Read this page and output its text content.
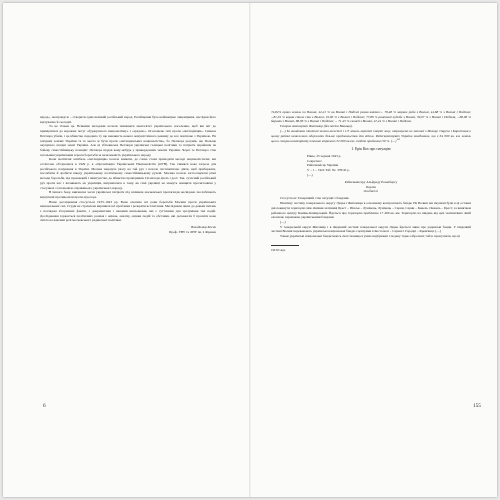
народ», насправді ж – створити один великий російський народ. Російщення було неймовірно лицемірним, наслідки його відчуваємо й сьогодні.

Та не тільки це. Всякими методами почали змінювати менталітет українського населення, щоб він міг до приміритися до ворожих потуг «буржуазного націоналізму» і «зрадою». Оголошено світ проти «петлюрівців». Симеон Петлюра убили, і це вбивство породило ту ще ненависть нового комуністичного режиму до все пов'язане з Україною. На західних землях України та то могло ж бути проти «петлюрівських націоналістів», бо Петлюра розумів, що Польща окупувала західні землі України. Але ці збіговиська Петлюри українські галицькі політики та патріоти перейшли на бойову самостійницьку позицію: Петлюра віддав кому-небудь у прикордонних землях України. Через те Петлюра став загальним українським героєм боротьби за незалежність українського народу.

Коли політичні загибель «петлюрівців» почала зникати, до слова стали приходити молоді націоналістичні, які остаточно об'єдналися в 1929 р. в «Організацію Українських Націоналістів (ОУН). Так з'явився нова загроза для російського панування в Україні. Москва звернула увагу на той рух і почала систематично діяти, щоб приборкати, послабити й зробити шкоду українському політичному самостійницькому рухові. Москва почала застосовувати різні методи боротьби, від провокацій і шпигунства, до вбивства провідників. Ці методи діють і досі. Так, сучасний російський рух проти нас і впливають на українців, витриматися в тому, як самі українці не можуть знищити протистояння у стосунках з гегемонією справжнього українського народу.

В іншого боку, вивчаючи чесні українські патріоти під впливом московської пропаганди несвідомо послаблюють внутрішні противосили проти агресора.

Наше дослідження стосується 1933–1943 рр. Воно охопило всі роки боротьби Москви проти українських національних сил. Студія не стремлена вирішити всі проблеми і розкрити всі питання. Ми підняли лише до деяких питань з поглядом історичних фактів, з документами і нашими висновками, які є суттєвими для зрозуміння тих подій. Дослідження торкається політичних розмов і оцінок, аналізу, оцінки подій та обставин, які допомогли б пролити нове світло на важливі речі московської і радянської політики.

Володимир Косик
Проф. УВУ та ЛНУ ім. І. Франка
6

74,82% орних земель по Волині, 42,21 % на Волині і Поділлі разом взятих:... 76,48 % морних риби з Волині, 44,68 % з Волині і Поділля; ...81,01 % корма сіяних сіна з Волині, 19,96 % з Волині і Поділля; 77,86 % рантової худоби з Волині, 39,07 % з Волині і Поділля, ...68,96 % баранів з Волині, 68,06 % з Волині і Поділля; ... 71,45 % свиней з Волині, 47,44 % з Волині і Поділля.

Генерал комісаріат Житомир (без міста Вінниця).

(....) За винятком північної зелено-лісистої і 1/3 земель вкритої смерті зону, отримуємо не меншої з Мозирі, Овруча і Коростеня в цьому районі неможливо одержати більше продовольства для військ. Райхскомісаріат України повідомляє, що з 64 000 кв. км. земель цього генерал-комісаріату повинно втрачено 32 000 кв.км., тобто приблизно 50 %. (....)$^{190}$

1. Ерік Кох про ситуацію

Рівне, 25 червня 1943 р.

Секретно!

Райхскомісар України

V – 1 – 7422 Таб. Nr. 378/43 р.

(....)

Райхскомісару Альфреду Розенбергу

Берлін

Особисто!

Стосується: Теперішній стан ситуації з бандами.

Північну частину генерального округу Луцьк і Житомира в основному контролюють банди. На Волині ми змушені були в ці останні дні покинути територію між лініями залізниці Брест – Пінськ – Лунінець, Лунінець – Сарни, Сарни – Ковель і Ковель – Брест; за винятком районного центру Камінь-Каширський. Йдеться про територію приблизно 17 400 кв. км. Територію на південь від цих залізничних ліній охоплено переважно українськими бандами.

(....)

У генеральній окрузі Житомир і в південній частині генеральної округи Луцьк йдеться лише про радянські банди. У південній частині Волині переважають українські національні банди з центрами в Костополі – Сарнах і Городці – Крем'янці. (....)

Також українські національні банди мають свої сховища в уміле вербуванні і подану тідне озброєнні; тобто пропускати, що ці

190 Wi Арх.

155
